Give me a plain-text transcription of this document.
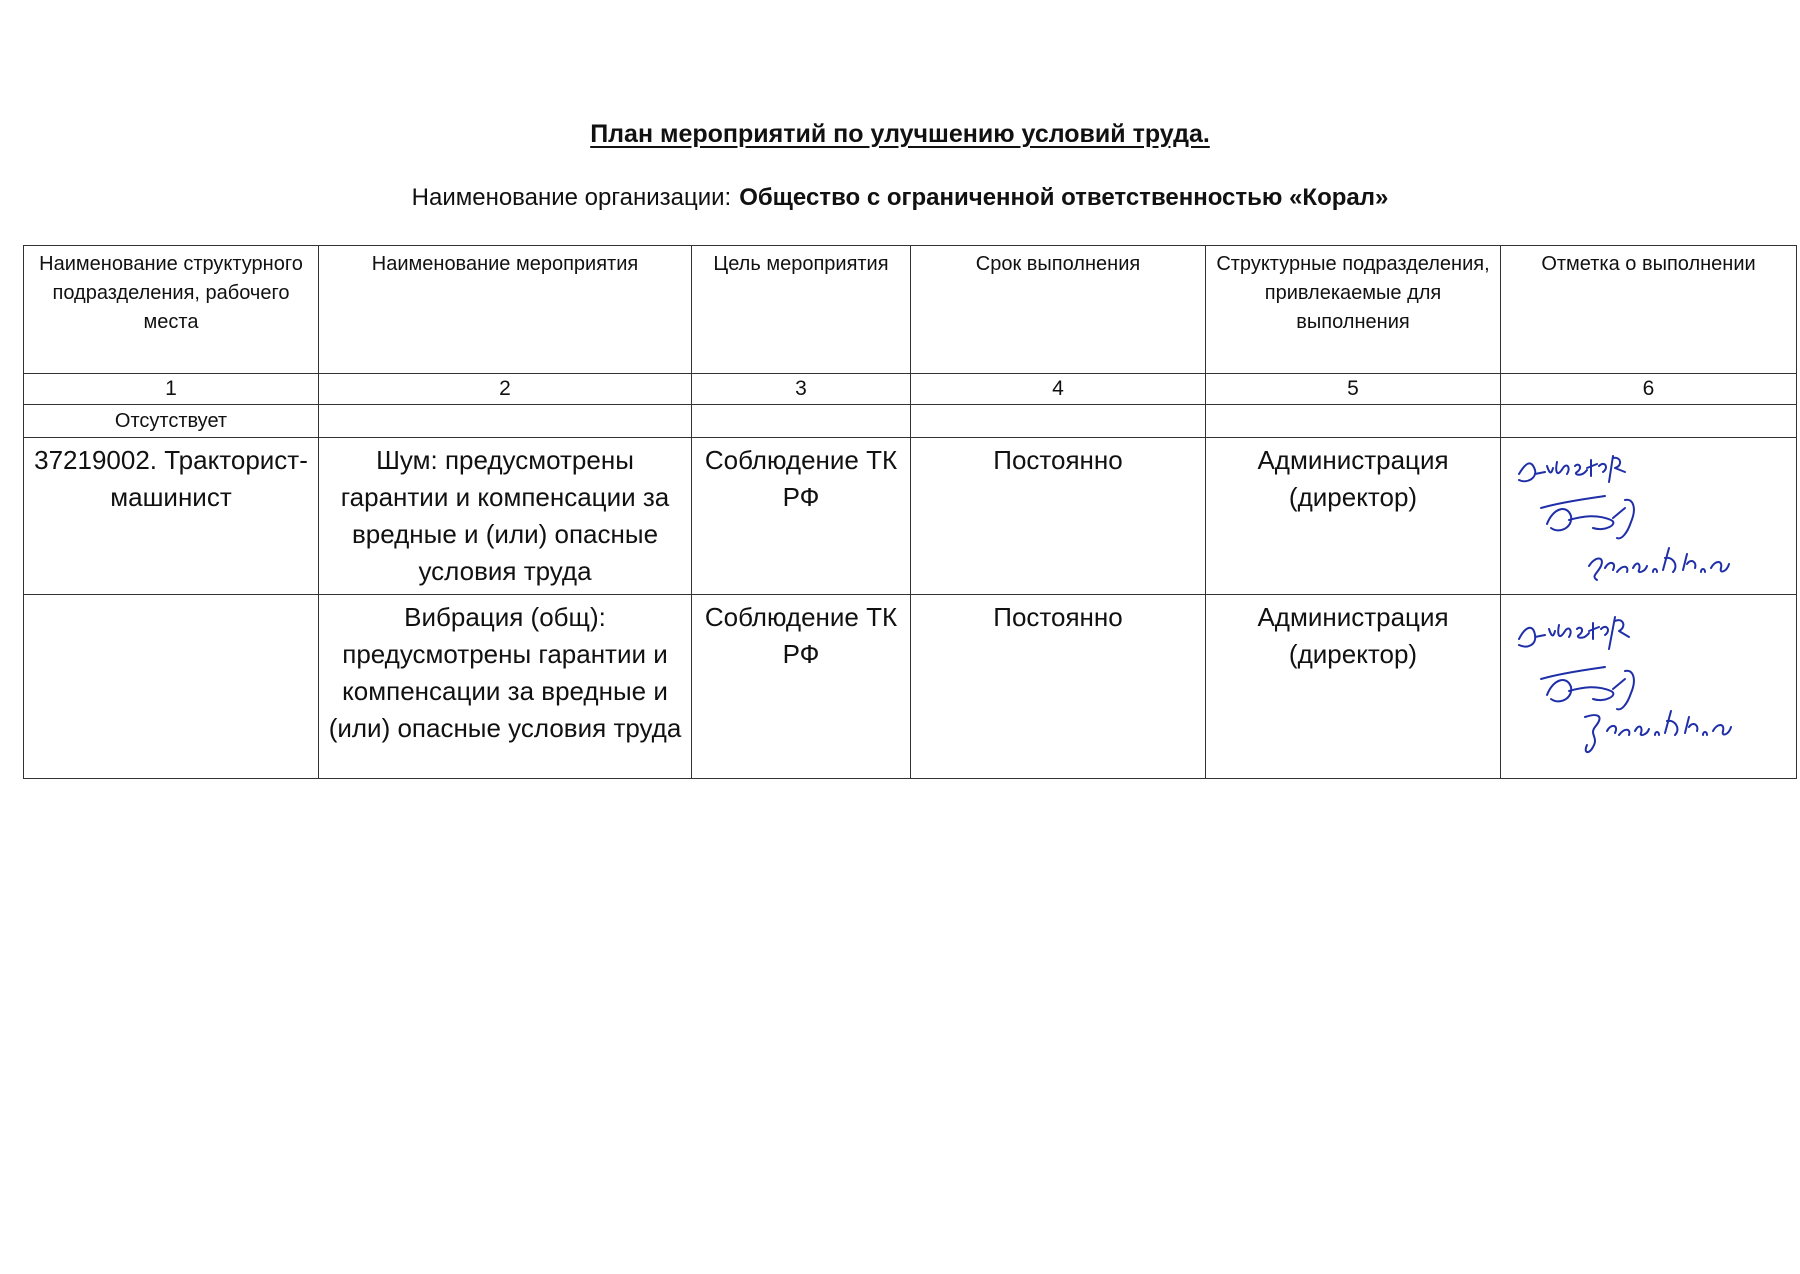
План мероприятий по улучшению условий труда.
Наименование организации: Общество с ограниченной ответственностью «Корал»
Наименование структурного подразделения, рабочего места	Наименование мероприятия	Цель мероприятия	Срок выполнения	Структурные подразделения, привлекаемые для выполнения	Отметка о выполнении
1	2	3	4	5	6
Отсутствует					
37219002. Тракторист-машинист	Шум: предусмотрены гарантии и компенсации за вредные и (или) опасные условия труда	Соблюдение ТК РФ	Постоянно	Администрация (директор)	

	Вибрация (общ): предусмотрены гарантии и компенсации за вредные и (или) опасные условия труда	Соблюдение ТК РФ	Постоянно	Администрация (директор)	
